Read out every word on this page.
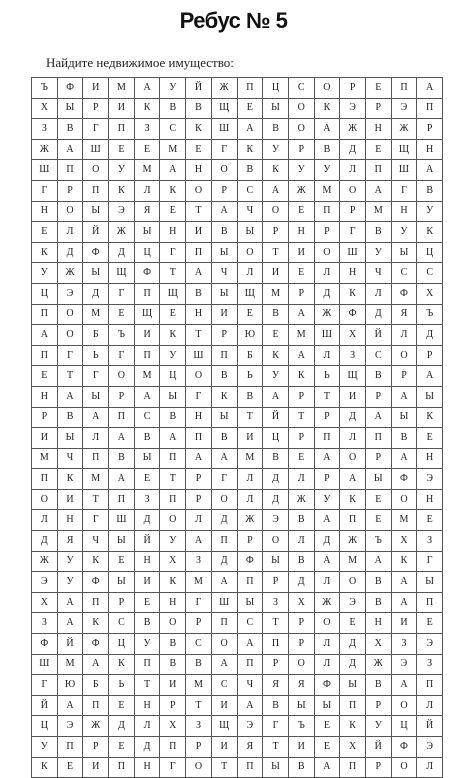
Ребус № 5
Найдите недвижимое имущество:
Ъ	Ф	И	М	А	У	Й	Ж	П	Ц	С	О	Р	Е	П	А
Х	Ы	Р	И	К	В	В	Щ	Е	Ы	О	К	Э	Р	Э	П
З	В	Г	П	З	С	К	Ш	А	В	О	А	Ж	Н	Ж	Р
Ж	А	Ш	Е	Е	М	Е	Г	К	У	Р	В	Д	Е	Щ	Н
Ш	П	О	У	М	А	Н	О	В	К	У	У	Л	П	Ш	А
Г	Р	П	К	Л	К	О	Р	С	А	Ж	М	О	А	Г	В
Н	О	Ы	Э	Я	Е	Т	А	Ч	О	Е	П	Р	М	Н	У
Е	Л	Й	Ж	Ы	Н	И	В	Ы	Р	Н	Р	Г	В	У	К
К	Д	Ф	Д	Ц	Г	П	Ы	О	Т	И	О	Ш	У	Ы	Ц
У	Ж	Ы	Щ	Ф	Т	А	Ч	Л	И	Е	Л	Н	Ч	С	С
Ц	Э	Д	Г	П	Щ	В	Ы	Щ	М	Р	Д	К	Л	Ф	Х
П	О	М	Е	Щ	Е	Н	И	Е	В	А	Ж	Ф	Д	Я	Ъ
А	О	Б	Ъ	И	К	Т	Р	Ю	Е	М	Ш	Х	Й	Л	Д
П	Г	Ь	Г	П	У	Ш	П	Б	К	А	Л	З	С	О	Р
Е	Т	Г	О	М	Ц	О	В	Ь	У	К	Ь	Щ	В	Р	А
Н	А	Ы	Р	А	Ы	Г	К	В	А	Р	Т	И	Р	А	Ы
Р	В	А	П	С	В	Н	Ы	Т	Й	Т	Р	Д	А	Ы	К
И	Ы	Л	А	В	А	П	В	И	Ц	Р	П	Л	П	В	Е
М	Ч	П	В	Ы	П	А	А	М	В	Е	А	О	Р	А	Н
П	К	М	А	Е	Т	Р	Г	Л	Д	Л	Р	А	Ы	Ф	Э
О	И	Т	П	З	П	Р	О	Л	Д	Ж	У	К	Е	О	Н
Л	Н	Г	Ш	Д	О	Л	Д	Ж	Э	В	А	П	Е	М	Е
Д	Я	Ч	Ы	Й	У	А	П	Р	О	Л	Д	Ж	Ъ	Х	З
Ж	У	К	Е	Н	Х	З	Д	Ф	Ы	В	А	М	А	К	Г
Э	У	Ф	Ы	И	К	М	А	П	Р	Д	Л	О	В	А	Ы
Х	А	П	Р	Е	Н	Г	Ш	Ы	З	Х	Ж	Э	В	А	П
З	А	К	С	В	О	Р	П	С	Т	Р	О	Е	Н	И	Е
Ф	Й	Ф	Ц	У	В	С	О	А	П	Р	Л	Д	Х	З	Э
Ш	М	А	К	П	В	В	А	П	Р	О	Л	Д	Ж	Э	З
Г	Ю	Б	Ь	Т	И	М	С	Ч	Я	Я	Ф	Ы	В	А	П
Й	А	П	Е	Н	Р	Т	И	А	В	Ы	Ы	П	Р	О	Л
Ц	Э	Ж	Д	Л	Х	З	Щ	Э	Г	Ъ	Е	К	У	Ц	Й
У	П	Р	Е	Д	П	Р	И	Я	Т	И	Е	Х	Й	Ф	Э
К	Е	И	П	Н	Г	О	Т	П	Ы	В	А	П	Р	О	Л
